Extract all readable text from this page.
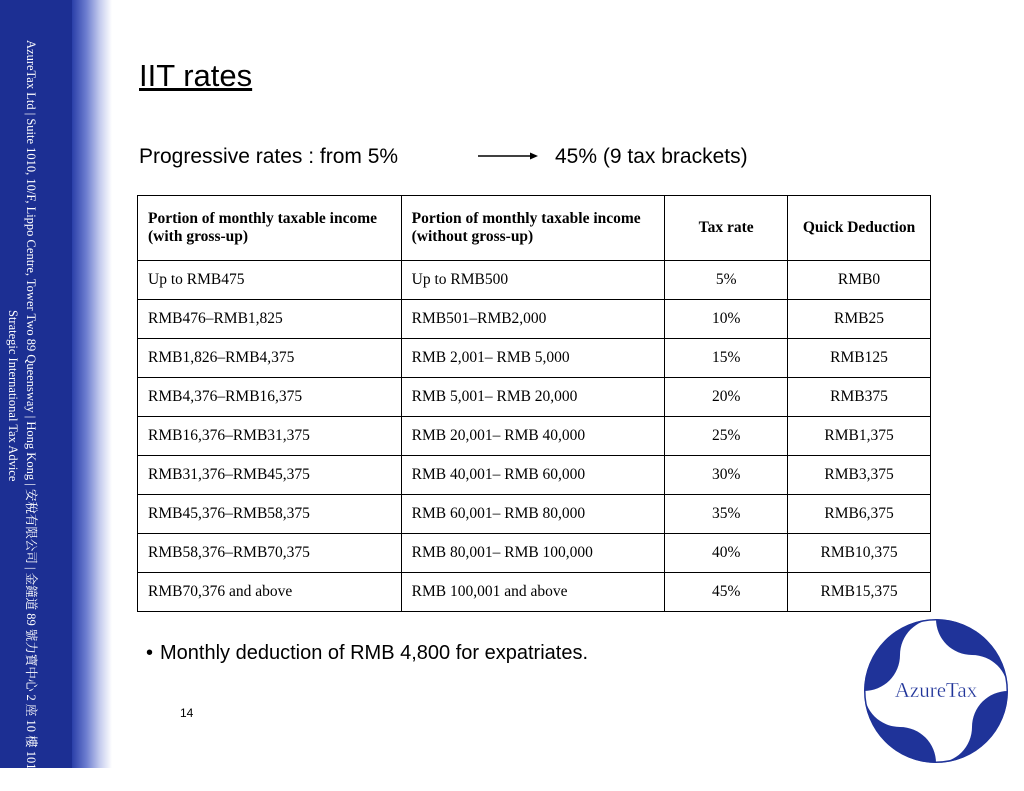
AzureTax Ltd | Suite 1010, 10/F, Lippo Centre, Tower Two 89 Queensway | Hong Kong | 安稅有限公司 | 金鐘道 89 號力寶中心 2 座 10 樓 1010 室
Strategic International Tax Advice
IIT rates
Progressive rates : from 5%	45% (9 tax brackets)
Portion of monthly taxable income (with gross-up)	Portion of monthly taxable income (without gross-up)	Tax rate	Quick Deduction
Up to RMB475	Up to RMB500	5%	RMB0
RMB476–RMB1,825	RMB501–RMB2,000	10%	RMB25
RMB1,826–RMB4,375	RMB 2,001– RMB 5,000	15%	RMB125
RMB4,376–RMB16,375	RMB 5,001– RMB 20,000	20%	RMB375
RMB16,376–RMB31,375	RMB 20,001– RMB 40,000	25%	RMB1,375
RMB31,376–RMB45,375	RMB 40,001– RMB 60,000	30%	RMB3,375
RMB45,376–RMB58,375	RMB 60,001– RMB 80,000	35%	RMB6,375
RMB58,376–RMB70,375	RMB 80,001– RMB 100,000	40%	RMB10,375
RMB70,376 and above	RMB 100,001 and above	45%	RMB15,375
• Monthly deduction of RMB 4,800 for expatriates.
14
AzureTax
